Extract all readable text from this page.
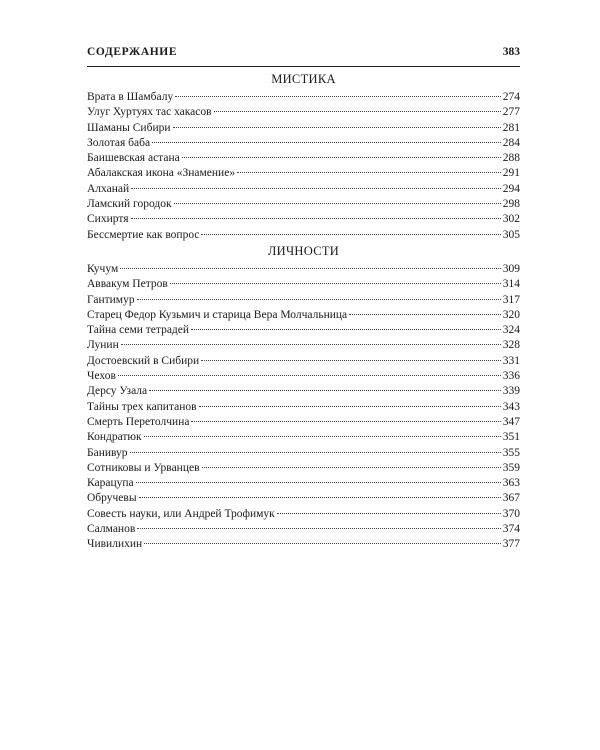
СОДЕРЖАНИЕ	383
МИСТИКА
Врата в Шамбалу	274
Улуг Хуртуях тас хакасов	277
Шаманы Сибири	281
Золотая баба	284
Баишевская астана	288
Абалакская икона «Знамение»	291
Алханай	294
Ламский городок	298
Сихиртя	302
Бессмертие как вопрос	305
ЛИЧНОСТИ
Кучум	309
Аввакум Петров	314
Гантимур	317
Старец Федор Кузьмич и старица Вера Молчальница	320
Тайна семи тетрадей	324
Лунин	328
Достоевский в Сибири	331
Чехов	336
Дерсу Узала	339
Тайны трех капитанов	343
Смерть Перетолчина	347
Кондратюк	351
Банивур	355
Сотниковы и Урванцев	359
Карацупа	363
Обручевы	367
Совесть науки, или Андрей Трофимук	370
Салманов	374
Чивилихин	377
